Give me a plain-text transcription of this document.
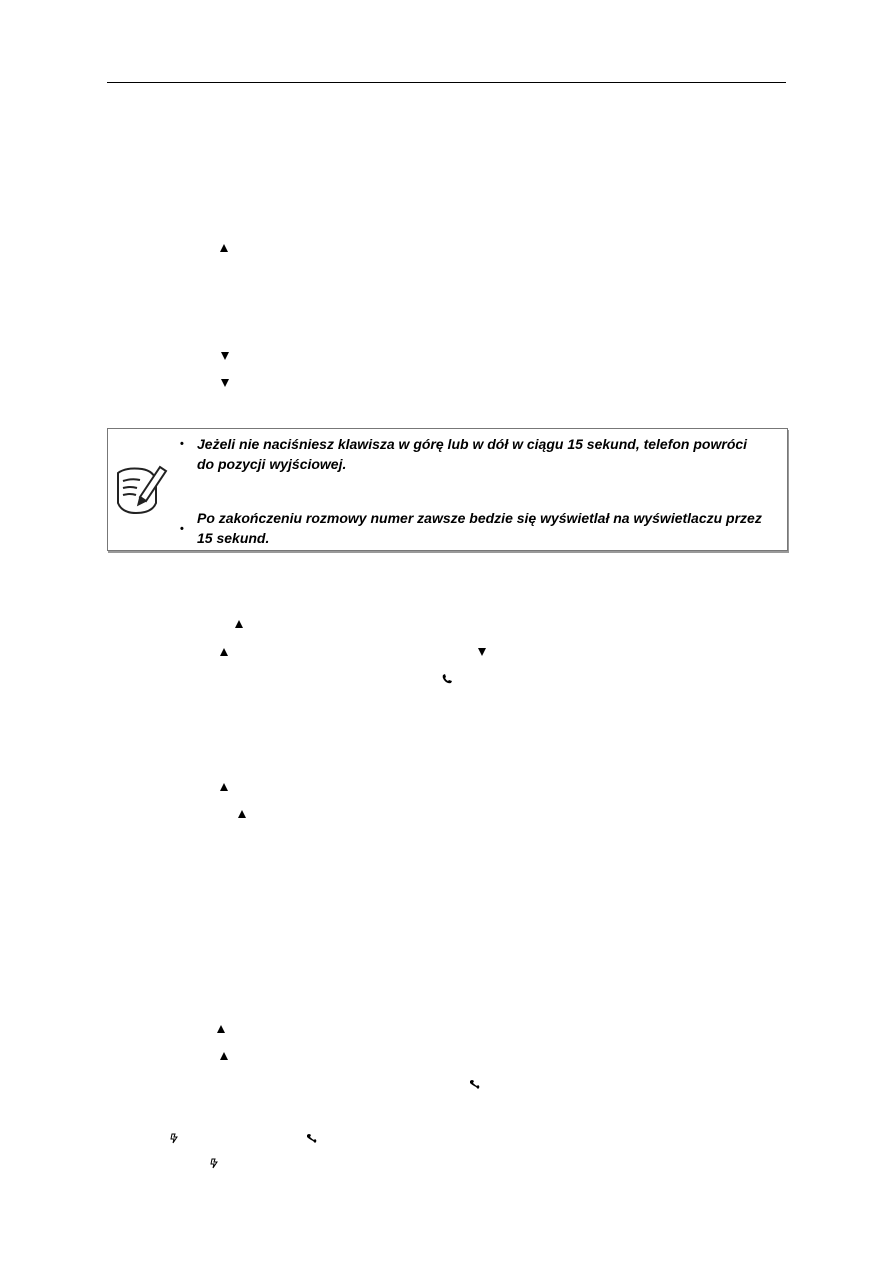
• Jeżeli nie naciśniesz klawisza w górę lub w dół w ciągu 15 sekund, telefon powróci do pozycji wyjściowej.
•
Po zakończeniu rozmowy numer zawsze bedzie się wyświetlał na wyświetlaczu przez 15 sekund.
